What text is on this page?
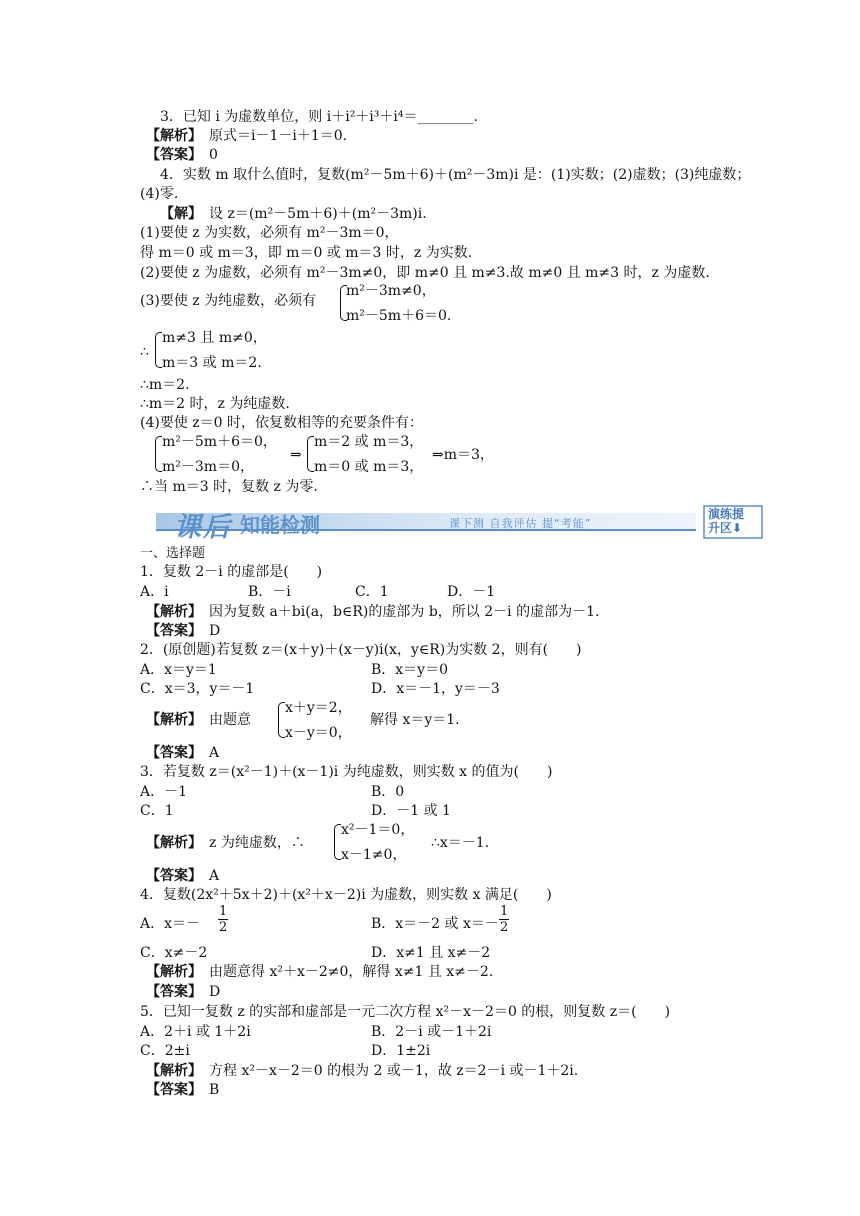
3．已知 i 为虚数单位，则 i＋i²＋i³＋i⁴＝________.
【解析】　 原式＝i－1－i＋1＝0.
【答案】　 0
4．实数 m 取什么值时，复数(m²－5m＋6)＋(m²－3m)i 是：(1)实数；(2)虚数；(3)纯虚数；
(4)零.
【解】　 设 z＝(m²－5m＋6)＋(m²－3m)i.
(1)要使 z 为实数，必须有 m²－3m＝0，
得 m＝0 或 m＝3，即 m＝0 或 m＝3 时，z 为实数.
(2)要使 z 为虚数，必须有 m²－3m≠0，即 m≠0 且 m≠3.故 m≠0 且 m≠3 时，z 为虚数.
(3)要使 z 为纯虚数，必须有
m²－3m≠0，
m²－5m＋6＝0.
∴
m≠3 且 m≠0，
m＝3 或 m＝2.
∴m＝2.
∴m＝2 时，z 为纯虚数.
(4)要使 z＝0 时，依复数相等的充要条件有：
m²－5m＋6＝0，
m²－3m＝0，
⇒
m＝2 或 m＝3，
m＝0 或 m＝3，
⇒m＝3，
∴当 m＝3 时，复数 z 为零.
课后 知能检测	课下测 自我评估 提“考能”
演练提
升区⬇
一、选择题
1．复数 2－i 的虚部是(　　)
A．i	B．－i	C．1	D．－1
【解析】　 因为复数 a＋bi(a，b∈R)的虚部为 b，所以 2－i 的虚部为－1.
【答案】　 D
2．(原创题)若复数 z＝(x＋y)＋(x－y)i(x，y∈R)为实数 2，则有(　　)
A．x＝y＝1	B．x＝y＝0
C．x＝3，y＝－1	D．x＝－1，y＝－3
【解析】　 由题意
x＋y＝2，
x－y＝0，
解得 x＝y＝1.
【答案】　 A
3．若复数 z＝(x²－1)＋(x－1)i 为纯虚数，则实数 x 的值为(　　)
A．－1	B．0
C．1	D．－1 或 1
【解析】　 z 为纯虚数，∴
x²－1＝0，
x－1≠0，
∴x＝－1.
【答案】　 A
4．复数(2x²＋5x＋2)＋(x²＋x－2)i 为虚数，则实数 x 满足(　　)
A．$x=- \frac{1}{2}$	B．x＝－2 或 $x=- \frac{1}{2}$
C．x≠－2	D．x≠1 且 x≠－2
【解析】　 由题意得 x²＋x－2≠0，解得 x≠1 且 x≠－2.
【答案】　 D
5．已知一复数 z 的实部和虚部是一元二次方程 x²－x－2＝0 的根，则复数 z＝(　　)
A．2＋i 或 1＋2i	B．2－i 或－1＋2i
C．2±i	D．1±2i
【解析】　 方程 x²－x－2＝0 的根为 2 或－1，故 z＝2－i 或－1＋2i.
【答案】　 B
